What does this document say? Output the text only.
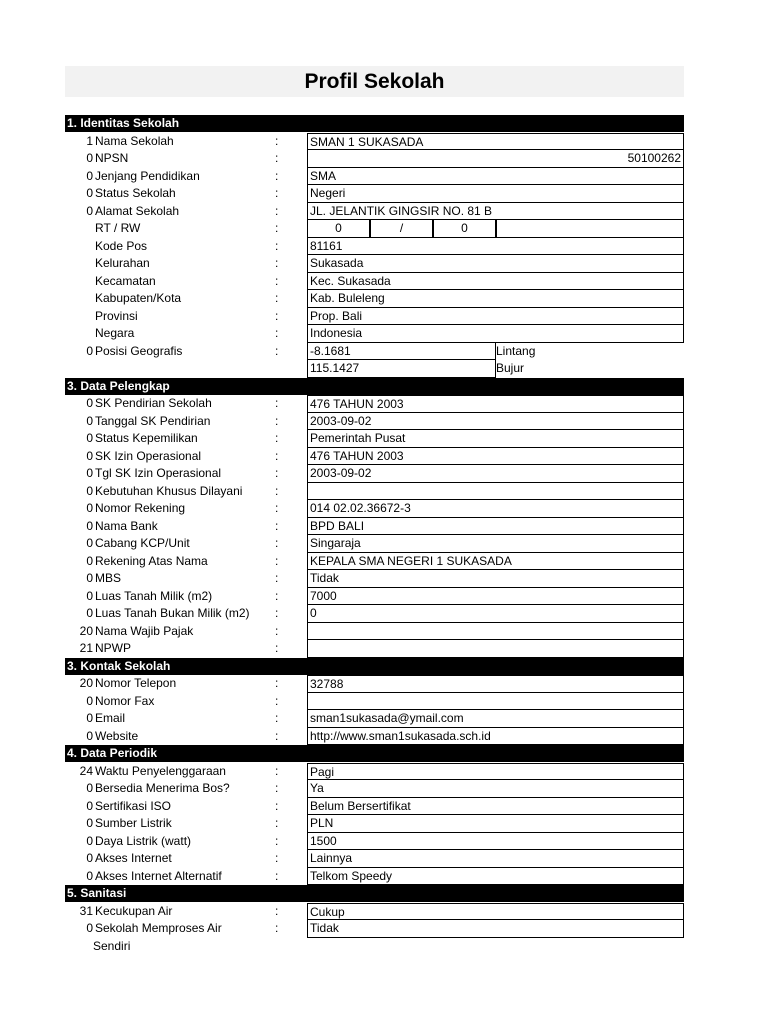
Profil Sekolah
1. Identitas Sekolah
1 Nama Sekolah	:	SMAN 1 SUKASADA
0 NPSN	:	50100262
0 Jenjang Pendidikan	:	SMA
0 Status Sekolah	:	Negeri
0 Alamat Sekolah	:	JL. JELANTIK GINGSIR NO. 81 B
RT / RW	:	0	/	0
Kode Pos	:	81161
Kelurahan	:	Sukasada
Kecamatan	:	Kec. Sukasada
Kabupaten/Kota	:	Kab. Buleleng
Provinsi	:	Prop. Bali
Negara	:	Indonesia
0 Posisi Geografis	:	-8.1681	Lintang
115.1427	Bujur
3. Data Pelengkap
0 SK Pendirian Sekolah	:	476 TAHUN 2003
0 Tanggal SK Pendirian	:	2003-09-02
0 Status Kepemilikan	:	Pemerintah Pusat
0 SK Izin Operasional	:	476 TAHUN 2003
0 Tgl SK Izin Operasional	:	2003-09-02
0 Kebutuhan Khusus Dilayani	:
0 Nomor Rekening	:	014 02.02.36672-3
0 Nama Bank	:	BPD BALI
0 Cabang KCP/Unit	:	Singaraja
0 Rekening Atas Nama	:	KEPALA SMA NEGERI 1 SUKASADA
0 MBS	:	Tidak
0 Luas Tanah Milik (m2)	:	7000
0 Luas Tanah Bukan Milik (m2) :	0
20 Nama Wajib Pajak	:
21 NPWP	:
3. Kontak Sekolah
20 Nomor Telepon	:	32788
0 Nomor Fax	:
0 Email	:	sman1sukasada@ymail.com
0 Website	:	http://www.sman1sukasada.sch.id
4. Data Periodik
24 Waktu Penyelenggaraan	:	Pagi
0 Bersedia Menerima Bos?	:	Ya
0 Sertifikasi ISO	:	Belum Bersertifikat
0 Sumber Listrik	:	PLN
0 Daya Listrik (watt)	:	1500
0 Akses Internet	:	Lainnya
0 Akses Internet Alternatif	:	Telkom Speedy
5. Sanitasi
31 Kecukupan Air	:	Cukup
0 Sekolah Memproses Air	:	Tidak
Sendiri
